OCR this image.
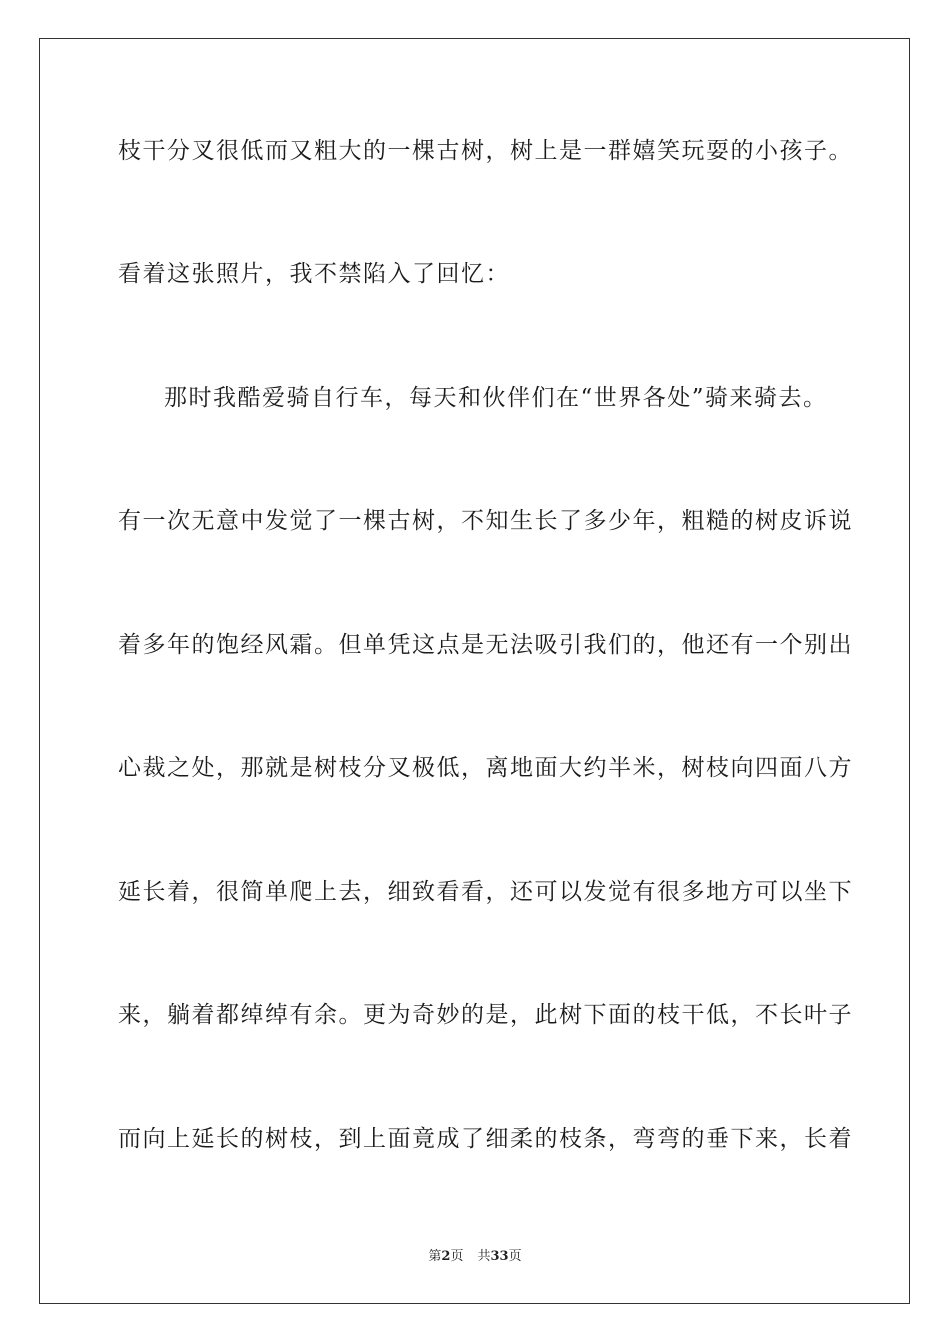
枝干分叉很低而又粗大的一棵古树，树上是一群嬉笑玩耍的小孩子。
看着这张照片，我不禁陷入了回忆：
那时我酷爱骑自行车，每天和伙伴们在“世界各处”骑来骑去。
有一次无意中发觉了一棵古树，不知生长了多少年，粗糙的树皮诉说
着多年的饱经风霜。但单凭这点是无法吸引我们的，他还有一个别出
心裁之处，那就是树枝分叉极低，离地面大约半米，树枝向四面八方
延长着，很简单爬上去，细致看看，还可以发觉有很多地方可以坐下
来，躺着都绰绰有余。更为奇妙的是，此树下面的枝干低，不长叶子
而向上延长的树枝，到上面竟成了细柔的枝条，弯弯的垂下来，长着
第2页 共33页
